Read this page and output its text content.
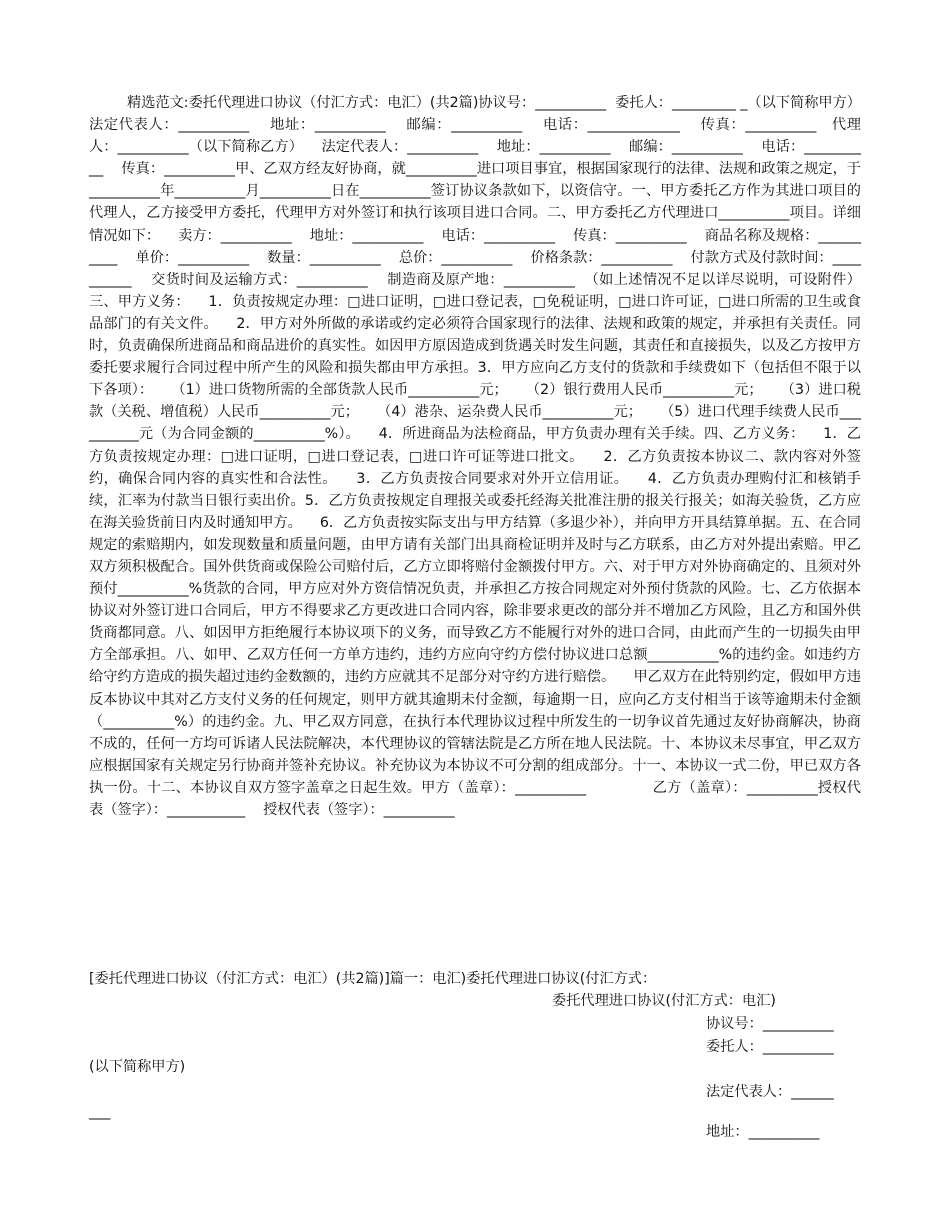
精选范文:委托代理进口协议（付汇方式：电汇）(共2篇)协议号：__________  委托人：_________ _（以下简称甲方）    法定代表人：__________    地址：__________    邮编：__________    电话：_____________    传真：__________   代理人：__________（以下简称乙方）    法定代表人：__________    地址：__________    邮编：__________    电话：__________    传真：__________甲、乙双方经友好协商，就__________进口项目事宜，根据国家现行的法律、法规和政策之规定，于__________年__________月__________日在__________签订协议条款如下，以资信守。一、甲方委托乙方作为其进口项目的代理人，乙方接受甲方委托，代理甲方对外签订和执行该项目进口合同。二、甲方委托乙方代理进口__________项目。详细情况如下：    卖方：__________    地址：__________    电话：__________    传真：__________    商品名称及规格：__________    单价：__________    数量：__________    总价：__________    价格条款：__________    付款方式及付款时间：__________    交货时间及运输方式：__________    制造商及原产地：__________  （如上述情况不足以详尽说明，可设附件）三、甲方义务：    1．负责按规定办理：□进口证明，□进口登记表，□免税证明，□进口许可证，□进口所需的卫生或食品部门的有关文件。    2．甲方对外所做的承诺或约定必须符合国家现行的法律、法规和政策的规定，并承担有关责任。同时，负责确保所进商品和商品进价的真实性。如因甲方原因造成到货遇关时发生问题，其责任和直接损失，以及乙方按甲方委托要求履行合同过程中所产生的风险和损失都由甲方承担。3．甲方应向乙方支付的货款和手续费如下（包括但不限于以下各项）：    （1）进口货物所需的全部货款人民币__________元；    （2）银行费用人民币__________元；    （3）进口税款（关税、增值税）人民币__________元；    （4）港杂、运杂费人民币__________元；    （5）进口代理手续费人民币__________元（为合同金额的__________%）。    4．所进商品为法检商品，甲方负责办理有关手续。四、乙方义务：    1．乙方负责按规定办理：□进口证明，□进口登记表，□进口许可证等进口批文。    2．乙方负责按本协议二、款内容对外签约，确保合同内容的真实性和合法性。    3．乙方负责按合同要求对外开立信用证。    4．乙方负责办理购付汇和核销手续，汇率为付款当日银行卖出价。5．乙方负责按规定自理报关或委托经海关批准注册的报关行报关；如海关验货，乙方应在海关验货前日内及时通知甲方。    6．乙方负责按实际支出与甲方结算（多退少补），并向甲方开具结算单据。五、在合同规定的索赔期内，如发现数量和质量问题，由甲方请有关部门出具商检证明并及时与乙方联系，由乙方对外提出索赔。甲乙双方须积极配合。国外供货商或保险公司赔付后，乙方立即将赔付金额拨付甲方。六、对于甲方对外协商确定的、且须对外预付__________%货款的合同，甲方应对外方资信情况负责，并承担乙方按合同规定对外预付货款的风险。七、乙方依据本协议对外签订进口合同后，甲方不得要求乙方更改进口合同内容，除非要求更改的部分并不增加乙方风险，且乙方和国外供货商都同意。八、如因甲方拒绝履行本协议项下的义务，而导致乙方不能履行对外的进口合同，由此而产生的一切损失由甲方全部承担。八、如甲、乙双方任何一方单方违约，违约方应向守约方偿付协议进口总额__________%的违约金。如违约方给守约方造成的损失超过违约金数额的，违约方应就其不足部分对守约方进行赔偿。    甲乙双方在此特别约定，假如甲方违反本协议中其对乙方支付义务的任何规定，则甲方就其逾期未付金额，每逾期一日，应向乙方支付相当于该等逾期未付金额（__________%）的违约金。九、甲乙双方同意，在执行本代理协议过程中所发生的一切争议首先通过友好协商解决，协商不成的，任何一方均可诉诸人民法院解决，本代理协议的管辖法院是乙方所在地人民法院。十、本协议未尽事宜，甲乙双方应根据国家有关规定另行协商并签补充协议。补充协议为本协议不可分割的组成部分。十一、本协议一式二份，甲已双方各执一份。十二、本协议自双方签字盖章之日起生效。甲方（盖章）：__________              乙方（盖章）：__________授权代表（签字）：___________    授权代表（签字）：__________

[委托代理进口协议（付汇方式：电汇）(共2篇)]篇一：电汇)委托代理进口协议(付汇方式：

委托代理进口协议(付汇方式：电汇)

协议号：__________

委托人：__________

(以下简称甲方)

法定代表人：______

___

地址：__________
